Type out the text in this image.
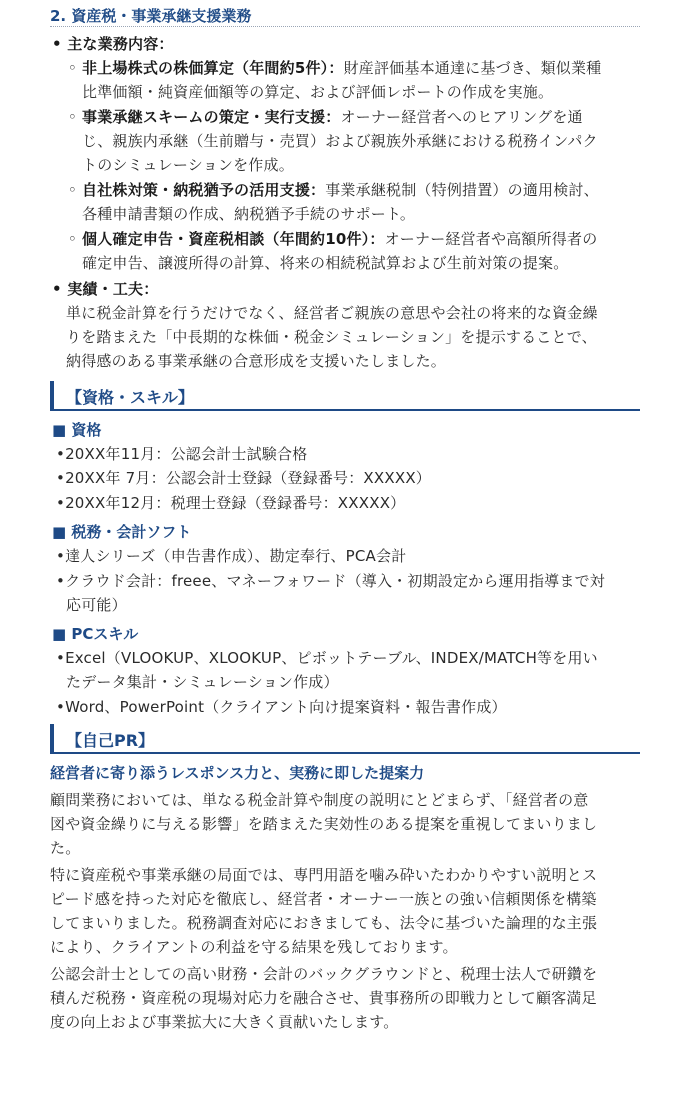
2. 資産税・事業承継支援業務
• 主な業務内容：
◦ 非上場株式の株価算定（年間約5件）：財産評価基本通達に基づき、類似業種
比準価額・純資産価額等の算定、および評価レポートの作成を実施。
◦ 事業承継スキームの策定・実行支援：オーナー経営者へのヒアリングを通
じ、親族内承継（生前贈与・売買）および親族外承継における税務インパク
トのシミュレーションを作成。
◦ 自社株対策・納税猶予の活用支援：事業承継税制（特例措置）の適用検討、
各種申請書類の作成、納税猶予手続のサポート。
◦ 個人確定申告・資産税相談（年間約10件）：オーナー経営者や高額所得者の
確定申告、譲渡所得の計算、将来の相続税試算および生前対策の提案。
• 実績・工夫：
単に税金計算を行うだけでなく、経営者ご親族の意思や会社の将来的な資金繰
りを踏まえた「中長期的な株価・税金シミュレーション」を提示することで、
納得感のある事業承継の合意形成を支援いたしました。
【資格・スキル】
■ 資格
•20XX年11月：公認会計士試験合格
•20XX年 7月：公認会計士登録（登録番号：XXXXX）
•20XX年12月：税理士登録（登録番号：XXXXX）
■ 税務・会計ソフト
•達人シリーズ（申告書作成）、勘定奉行、PCA会計
•クラウド会計：freee、マネーフォワード（導入・初期設定から運用指導まで対
応可能）
■ PCスキル
•Excel（VLOOKUP、XLOOKUP、ピボットテーブル、INDEX/MATCH等を用い
たデータ集計・シミュレーション作成）
•Word、PowerPoint（クライアント向け提案資料・報告書作成）
【自己PR】
経営者に寄り添うレスポンス力と、実務に即した提案力
顧問業務においては、単なる税金計算や制度の説明にとどまらず、「経営者の意
図や資金繰りに与える影響」を踏まえた実効性のある提案を重視してまいりまし
た。
特に資産税や事業承継の局面では、専門用語を噛み砕いたわかりやすい説明とス
ピード感を持った対応を徹底し、経営者・オーナー一族との強い信頼関係を構築
してまいりました。税務調査対応におきましても、法令に基づいた論理的な主張
により、クライアントの利益を守る結果を残しております。
公認会計士としての高い財務・会計のバックグラウンドと、税理士法人で研鑽を
積んだ税務・資産税の現場対応力を融合させ、貴事務所の即戦力として顧客満足
度の向上および事業拡大に大きく貢献いたします。
